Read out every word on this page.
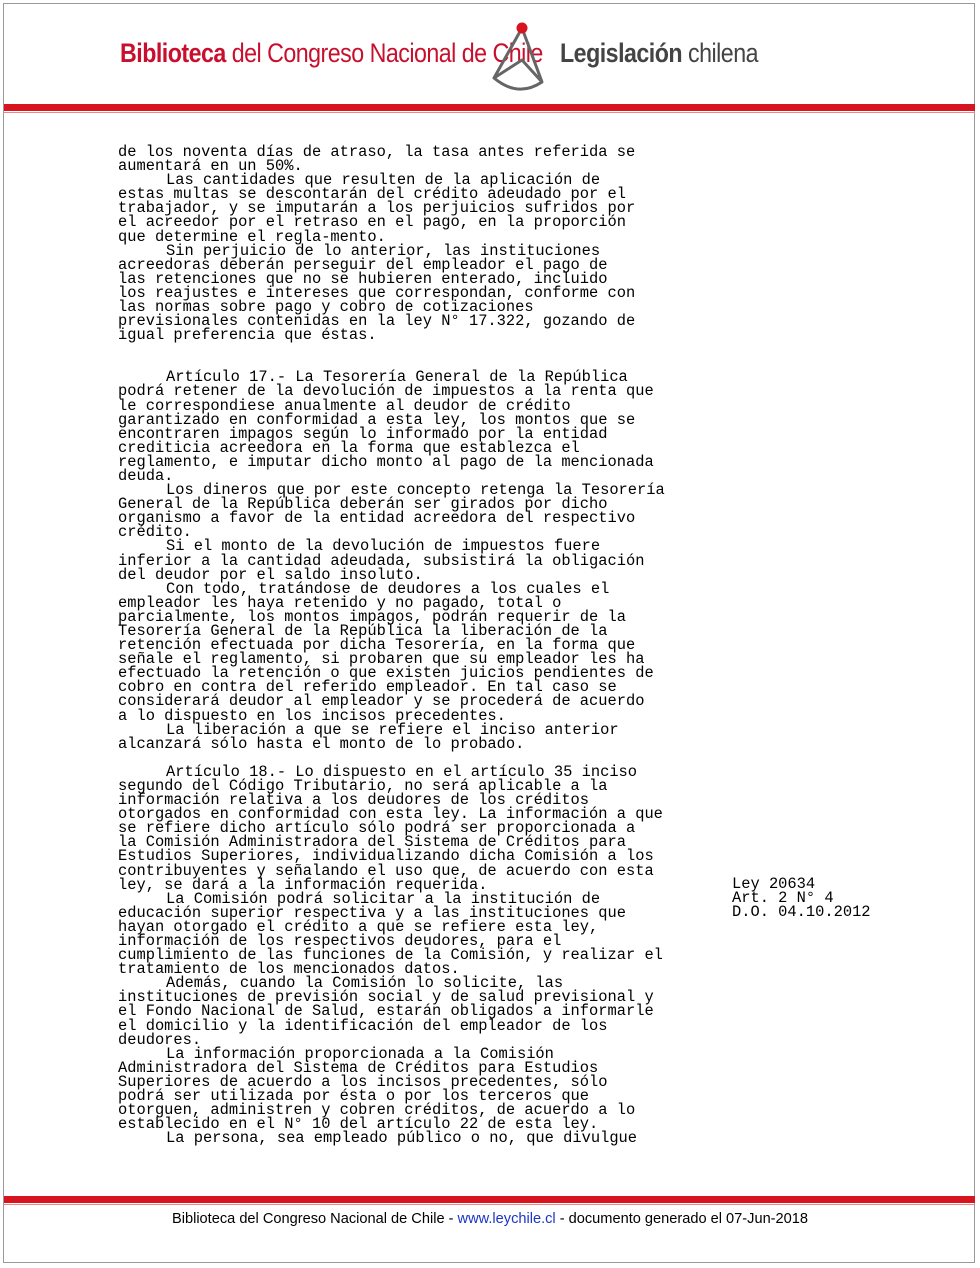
Biblioteca del Congreso Nacional de Chile Legislación chilena

de los noventa días de atraso, la tasa antes referida se

aumentará en un 50%.

Las cantidades que resulten de la aplicación de

estas multas se descontarán del crédito adeudado por el

trabajador, y se imputarán a los perjuicios sufridos por

el acreedor por el retraso en el pago, en la proporción

que determine el regla-mento.

Sin perjuicio de lo anterior, las instituciones

acreedoras deberán perseguir del empleador el pago de

las retenciones que no se hubieren enterado, incluido

los reajustes e intereses que correspondan, conforme con

las normas sobre pago y cobro de cotizaciones

previsionales contenidas en la ley N° 17.322, gozando de

igual preferencia que éstas.

Artículo 17.- La Tesorería General de la República

podrá retener de la devolución de impuestos a la renta que

le correspondiese anualmente al deudor de crédito

garantizado en conformidad a esta ley, los montos que se

encontraren impagos según lo informado por la entidad

crediticia acreedora en la forma que establezca el

reglamento, e imputar dicho monto al pago de la mencionada

deuda.

Los dineros que por este concepto retenga la Tesorería

General de la República deberán ser girados por dicho

organismo a favor de la entidad acreedora del respectivo

crédito.

Si el monto de la devolución de impuestos fuere

inferior a la cantidad adeudada, subsistirá la obligación

del deudor por el saldo insoluto.

Con todo, tratándose de deudores a los cuales el

empleador les haya retenido y no pagado, total o

parcialmente, los montos impagos, podrán requerir de la

Tesorería General de la República la liberación de la

retención efectuada por dicha Tesorería, en la forma que

señale el reglamento, si probaren que su empleador les ha

efectuado la retención o que existen juicios pendientes de

cobro en contra del referido empleador. En tal caso se

considerará deudor al empleador y se procederá de acuerdo

a lo dispuesto en los incisos precedentes.

La liberación a que se refiere el inciso anterior

alcanzará sólo hasta el monto de lo probado.

Artículo 18.- Lo dispuesto en el artículo 35 inciso

segundo del Código Tributario, no será aplicable a la

información relativa a los deudores de los créditos

otorgados en conformidad con esta ley. La información a que

se refiere dicho artículo sólo podrá ser proporcionada a

la Comisión Administradora del Sistema de Créditos para

Estudios Superiores, individualizando dicha Comisión a los

contribuyentes y señalando el uso que, de acuerdo con esta

ley, se dará a la información requerida.

La Comisión podrá solicitar a la institución de

educación superior respectiva y a las instituciones que

hayan otorgado el crédito a que se refiere esta ley,

información de los respectivos deudores, para el

cumplimiento de las funciones de la Comisión, y realizar el

tratamiento de los mencionados datos.

Además, cuando la Comisión lo solicite, las

instituciones de previsión social y de salud previsional y

el Fondo Nacional de Salud, estarán obligados a informarle

el domicilio y la identificación del empleador de los

deudores.

La información proporcionada a la Comisión

Administradora del Sistema de Créditos para Estudios

Superiores de acuerdo a los incisos precedentes, sólo

podrá ser utilizada por ésta o por los terceros que

otorguen, administren y cobren créditos, de acuerdo a lo

establecido en el N° 10 del artículo 22 de esta ley.

La persona, sea empleado público o no, que divulgue

Ley 20634
Art. 2 N° 4
D.O. 04.10.2012
Biblioteca del Congreso Nacional de Chile - www.leychile.cl - documento generado el 07-Jun-2018
